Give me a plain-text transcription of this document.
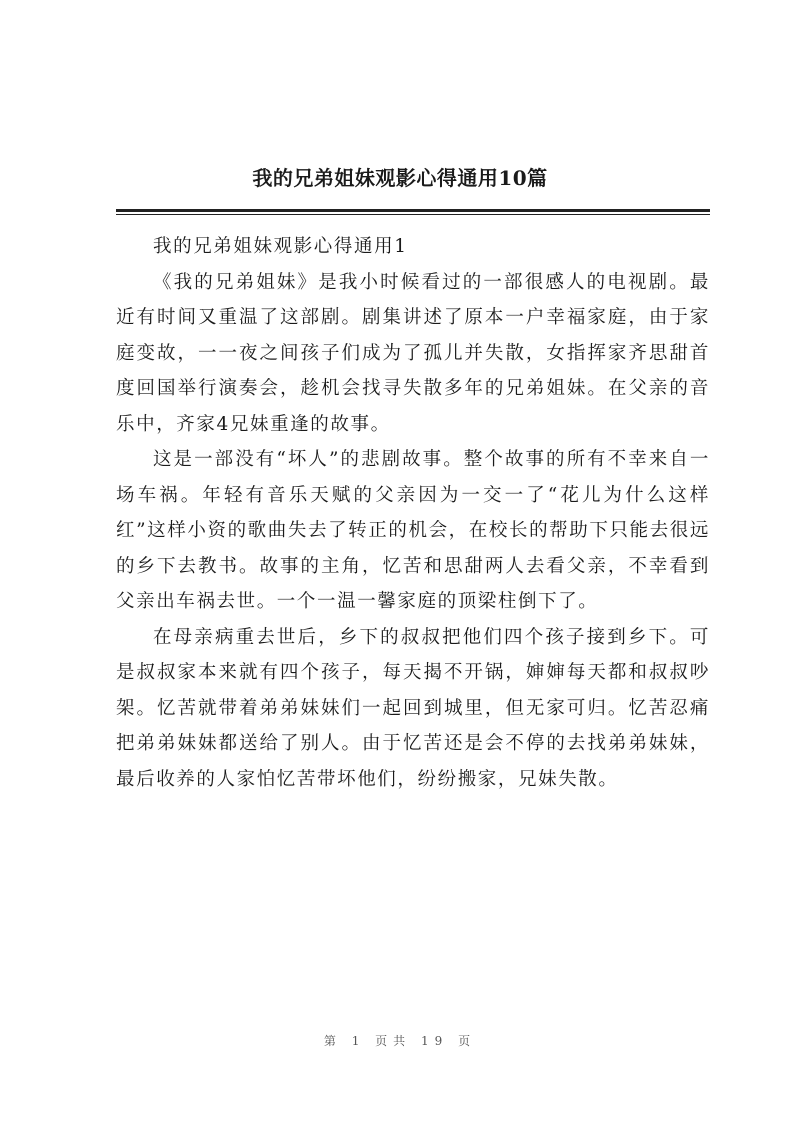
我的兄弟姐妹观影心得通用10篇

我的兄弟姐妹观影心得通用1

《我的兄弟姐妹》是我小时候看过的一部很感人的电视剧。最近有时间又重温了这部剧。剧集讲述了原本一户幸福家庭，由于家庭变故，一一夜之间孩子们成为了孤儿并失散，女指挥家齐思甜首度回国举行演奏会，趁机会找寻失散多年的兄弟姐妹。在父亲的音乐中，齐家4兄妹重逢的故事。

这是一部没有“坏人”的悲剧故事。整个故事的所有不幸来自一场车祸。年轻有音乐天赋的父亲因为一交一了“花儿为什么这样红”这样小资的歌曲失去了转正的机会，在校长的帮助下只能去很远的乡下去教书。故事的主角，忆苦和思甜两人去看父亲，不幸看到父亲出车祸去世。一个一温一馨家庭的顶梁柱倒下了。

在母亲病重去世后，乡下的叔叔把他们四个孩子接到乡下。可是叔叔家本来就有四个孩子，每天揭不开锅，婶婶每天都和叔叔吵架。忆苦就带着弟弟妹妹们一起回到城里，但无家可归。忆苦忍痛把弟弟妹妹都送给了别人。由于忆苦还是会不停的去找弟弟妹妹，最后收养的人家怕忆苦带坏他们，纷纷搬家，兄妹失散。

第 1 页共 19 页
